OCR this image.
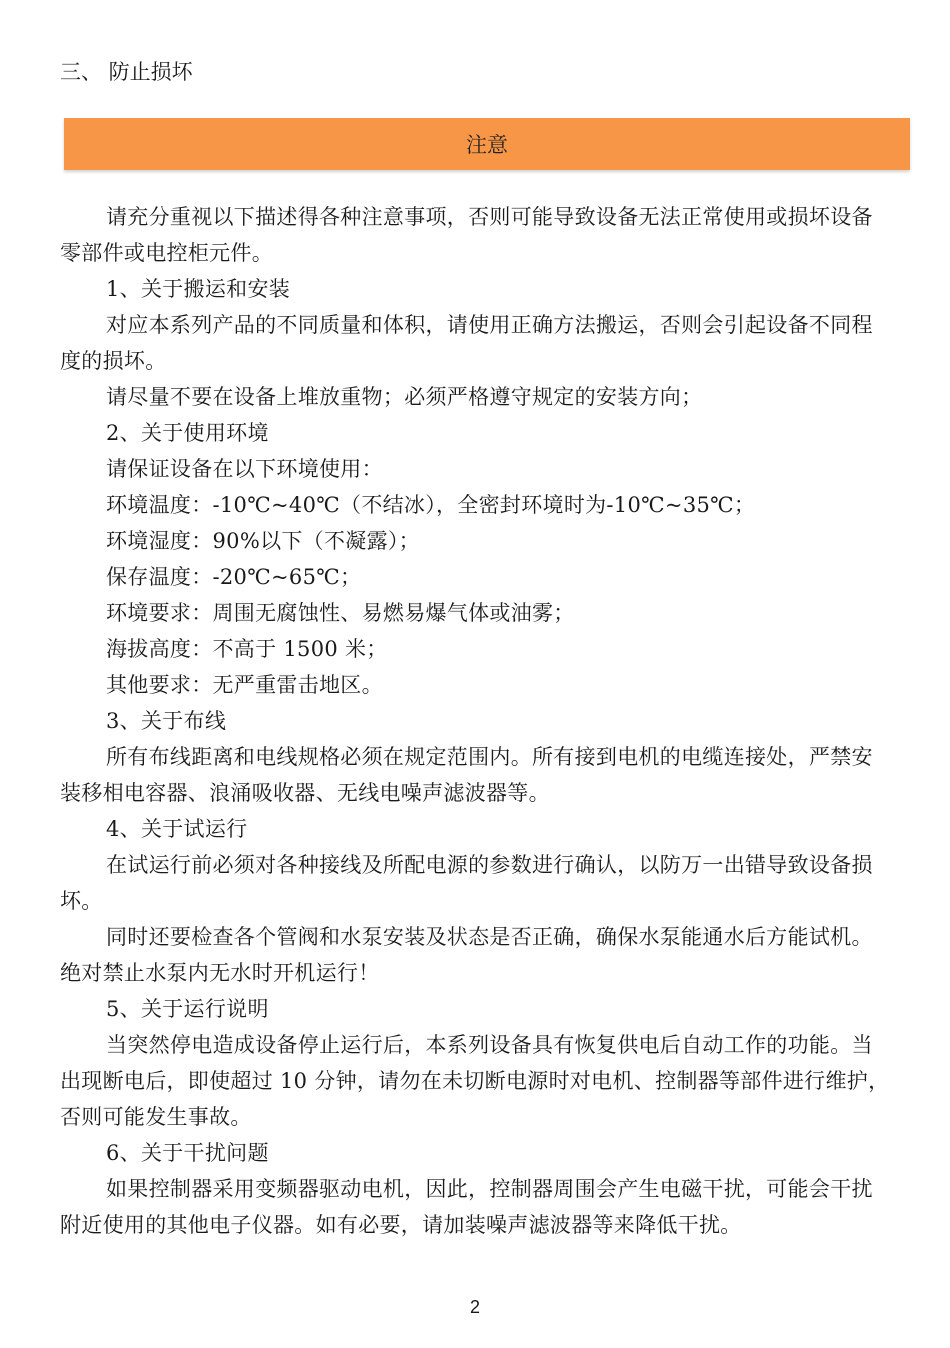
三、 防止损坏
注意

请充分重视以下描述得各种注意事项，否则可能导致设备无法正常使用或损坏设备零部件或电控柜元件。

1、关于搬运和安装

对应本系列产品的不同质量和体积，请使用正确方法搬运，否则会引起设备不同程度的损坏。

请尽量不要在设备上堆放重物；必须严格遵守规定的安装方向；

2、关于使用环境

请保证设备在以下环境使用：

环境温度：-10℃~40℃（不结冰），全密封环境时为-10℃~35℃；

环境湿度：90%以下（不凝露）；

保存温度：-20℃~65℃；

环境要求：周围无腐蚀性、易燃易爆气体或油雾；

海拔高度：不高于 1500 米；

其他要求：无严重雷击地区。

3、关于布线

所有布线距离和电线规格必须在规定范围内。所有接到电机的电缆连接处，严禁安装移相电容器、浪涌吸收器、无线电噪声滤波器等。

4、关于试运行

在试运行前必须对各种接线及所配电源的参数进行确认，以防万一出错导致设备损坏。

同时还要检查各个管阀和水泵安装及状态是否正确，确保水泵能通水后方能试机。绝对禁止水泵内无水时开机运行！

5、关于运行说明

当突然停电造成设备停止运行后，本系列设备具有恢复供电后自动工作的功能。当出现断电后，即使超过 10 分钟，请勿在未切断电源时对电机、控制器等部件进行维护，否则可能发生事故。

6、关于干扰问题

如果控制器采用变频器驱动电机，因此，控制器周围会产生电磁干扰，可能会干扰附近使用的其他电子仪器。如有必要，请加装噪声滤波器等来降低干扰。

2
